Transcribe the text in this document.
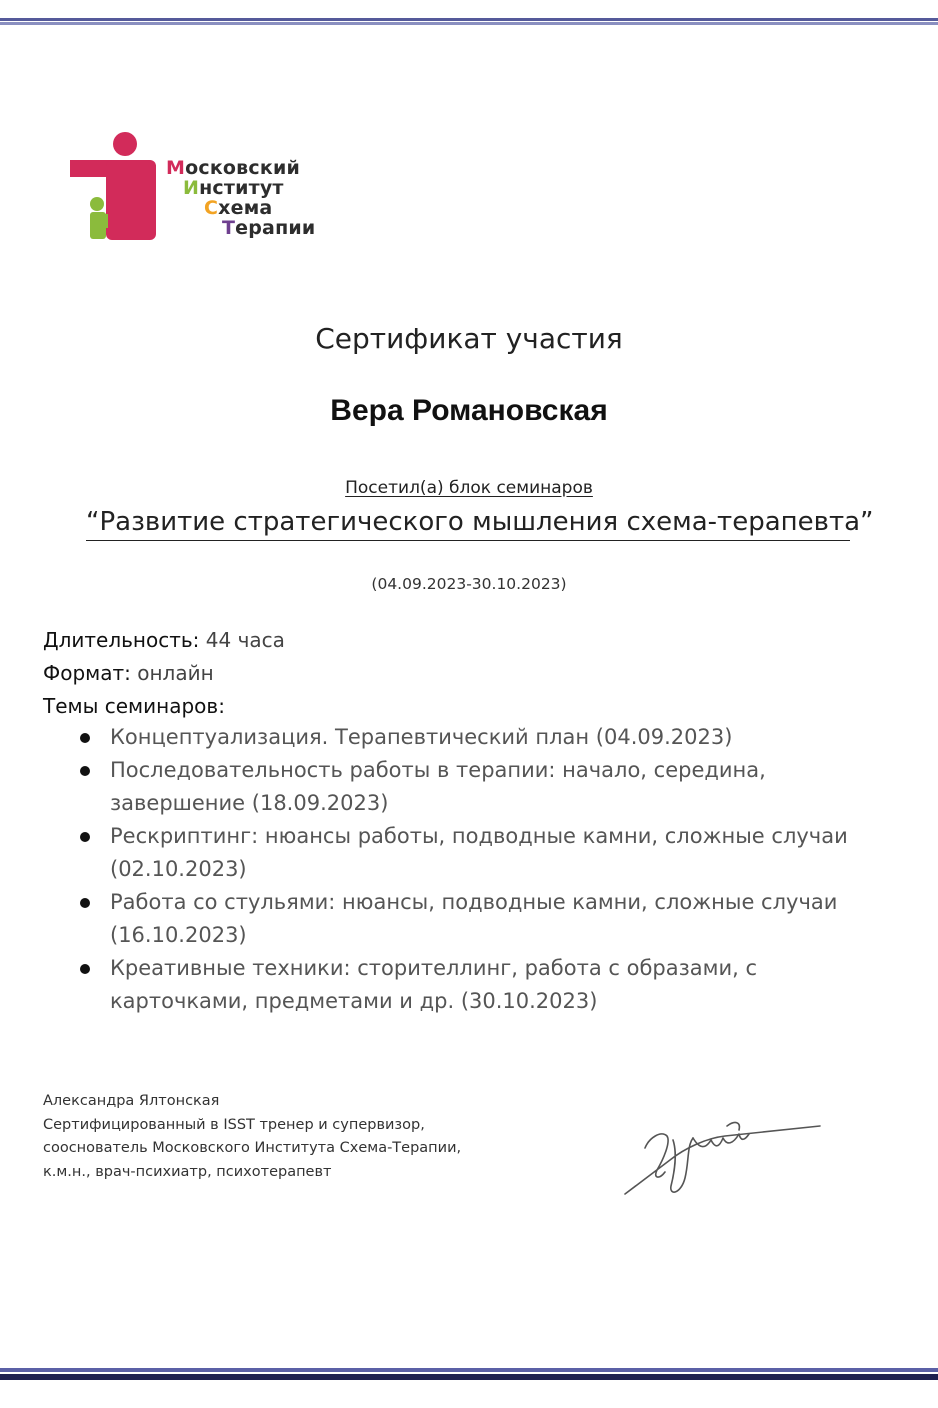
Московский
Институт
Схема
Терапии
Сертификат участия
Вера Романовская
Посетил(а) блок семинаров
“Развитие стратегического мышления схема-терапевта”
(04.09.2023-30.10.2023)
Длительность: 44 часа
Формат: онлайн
Темы семинаров:
Концептуализация. Терапевтический план (04.09.2023)
Последовательность работы в терапии: начало, середина, завершение (18.09.2023)
Рескриптинг: нюансы работы, подводные камни, сложные случаи (02.10.2023)
Работа со стульями: нюансы, подводные камни, сложные случаи (16.10.2023)
Креативные техники: сторителлинг, работа с образами, с карточками, предметами и др. (30.10.2023)
Александра Ялтонская
Сертифицированный в ISST тренер и супервизор,
сооснователь Московского Института Схема-Терапии,
к.м.н., врач-психиатр, психотерапевт
